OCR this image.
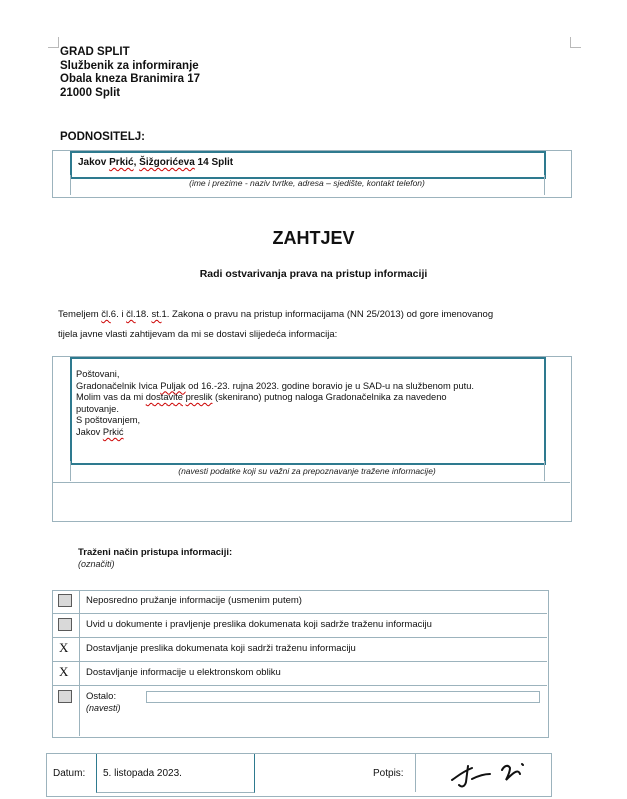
GRAD SPLIT
Službenik za informiranje
Obala kneza Branimira 17
21000 Split
PODNOSITELJ:
Jakov Prkić, Šižgorićeva 14 Split
(ime i prezime - naziv tvrtke, adresa – sjedište, kontakt telefon)
ZAHTJEV
Radi ostvarivanja prava na pristup informaciji
Temeljem čl.6. i čl.18. st.1. Zakona o pravu na pristup informacijama (NN 25/2013) od gore imenovanog
tijela javne vlasti zahtijevam da mi se dostavi slijedeća informacija:
Poštovani,
Gradonačelnik Ivica Puljak od 16.-23. rujna 2023. godine boravio je u SAD-u na službenom putu.
Molim vas da mi dostavite preslik (skenirano) putnog naloga Gradonačelnika za navedeno
putovanje.
S poštovanjem,
Jakov Prkić
(navesti podatke koji su važni za prepoznavanje tražene informacije)
Traženi način pristupa informaciji:
(označiti)
Neposredno pružanje informacije (usmenim putem)
Uvid u dokumente i pravljenje preslika dokumenata koji sadrže traženu informaciju
X Dostavljanje preslika dokumenata koji sadrži traženu informaciju
X Dostavljanje informacije u elektronskom obliku
Ostalo:
(navesti)
Datum: 5. listopada 2023.	Potpis:
